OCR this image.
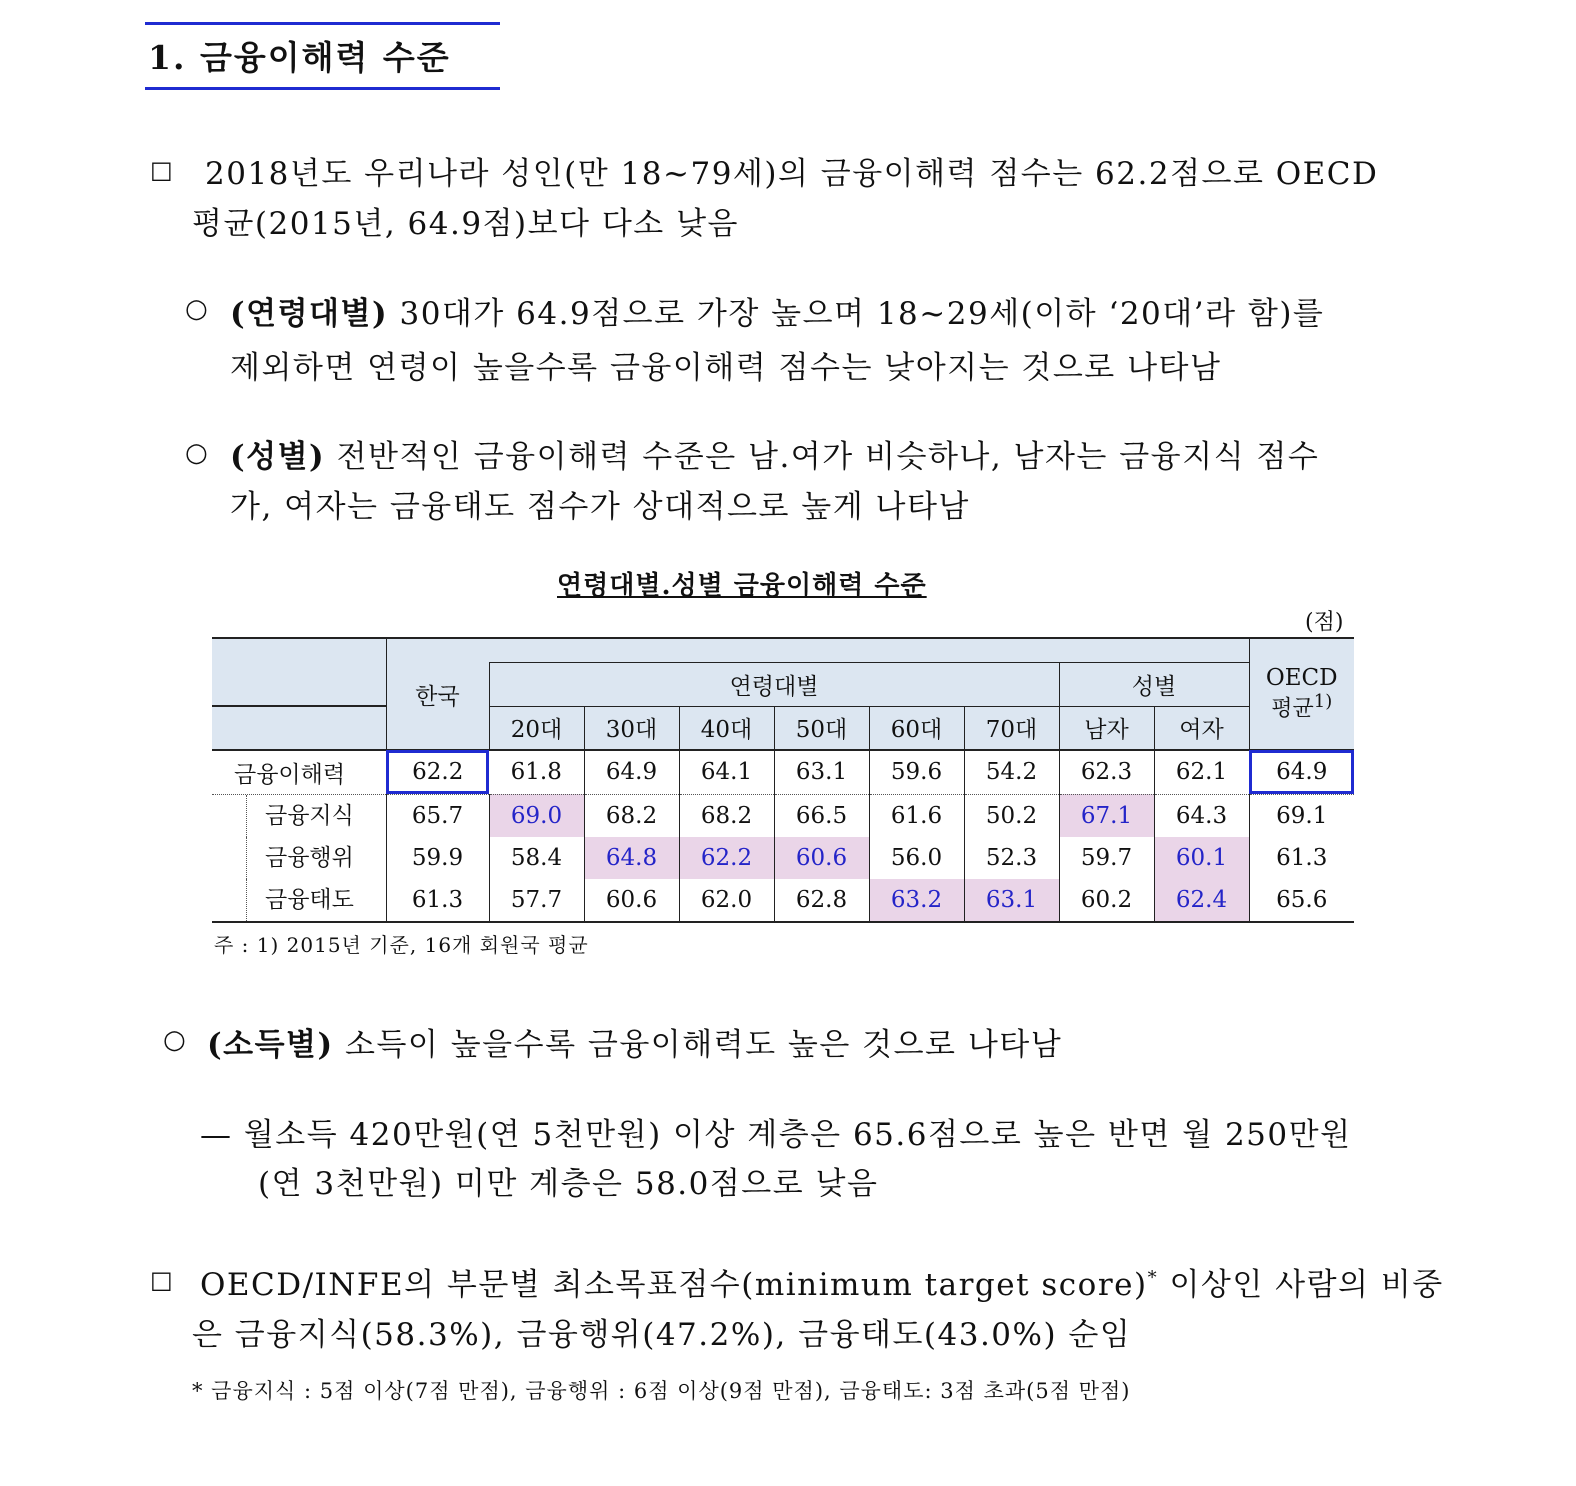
1. 금융이해력 수준
□ 2018년도 우리나라 성인(만 18~79세)의 금융이해력 점수는 62.2점으로 OECD
평균(2015년, 64.9점)보다 다소 낮음
○ (연령대별) 30대가 64.9점으로 가장 높으며 18~29세(이하 ‘20대’라 함)를
제외하면 연령이 높을수록 금융이해력 점수는 낮아지는 것으로 나타남
○ (성별) 전반적인 금융이해력 수준은 남.여가 비슷하나, 남자는 금융지식 점수
가, 여자는 금융태도 점수가 상대적으로 높게 나타남
연령대별.성별 금융이해력 수준
(점)
	한국									OECD
평균$^{1)}$

		연령대별						성별		
		20대	30대	40대	50대	60대	70대	남자	여자	
금융이해력	62.2	61.8	64.9	64.1	63.1	59.6	54.2	62.3	62.1	64.9
금융지식	65.7	69.0	68.2	68.2	66.5	61.6	50.2	67.1	64.3	69.1
금융행위	59.9	58.4	64.8	62.2	60.6	56.0	52.3	59.7	60.1	61.3
금융태도	61.3	57.7	60.6	62.0	62.8	63.2	63.1	60.2	62.4	65.6
주 : 1) 2015년 기준, 16개 회원국 평균
○ (소득별) 소득이 높을수록 금융이해력도 높은 것으로 나타남
— 월소득 420만원(연 5천만원) 이상 계층은 65.6점으로 높은 반면 월 250만원
(연 3천만원) 미만 계층은 58.0점으로 낮음
□ OECD/INFE의 부문별 최소목표점수(minimum target score)* 이상인 사람의 비중
은 금융지식(58.3%), 금융행위(47.2%), 금융태도(43.0%) 순임
* 금융지식 : 5점 이상(7점 만점), 금융행위 : 6점 이상(9점 만점), 금융태도: 3점 초과(5점 만점)
